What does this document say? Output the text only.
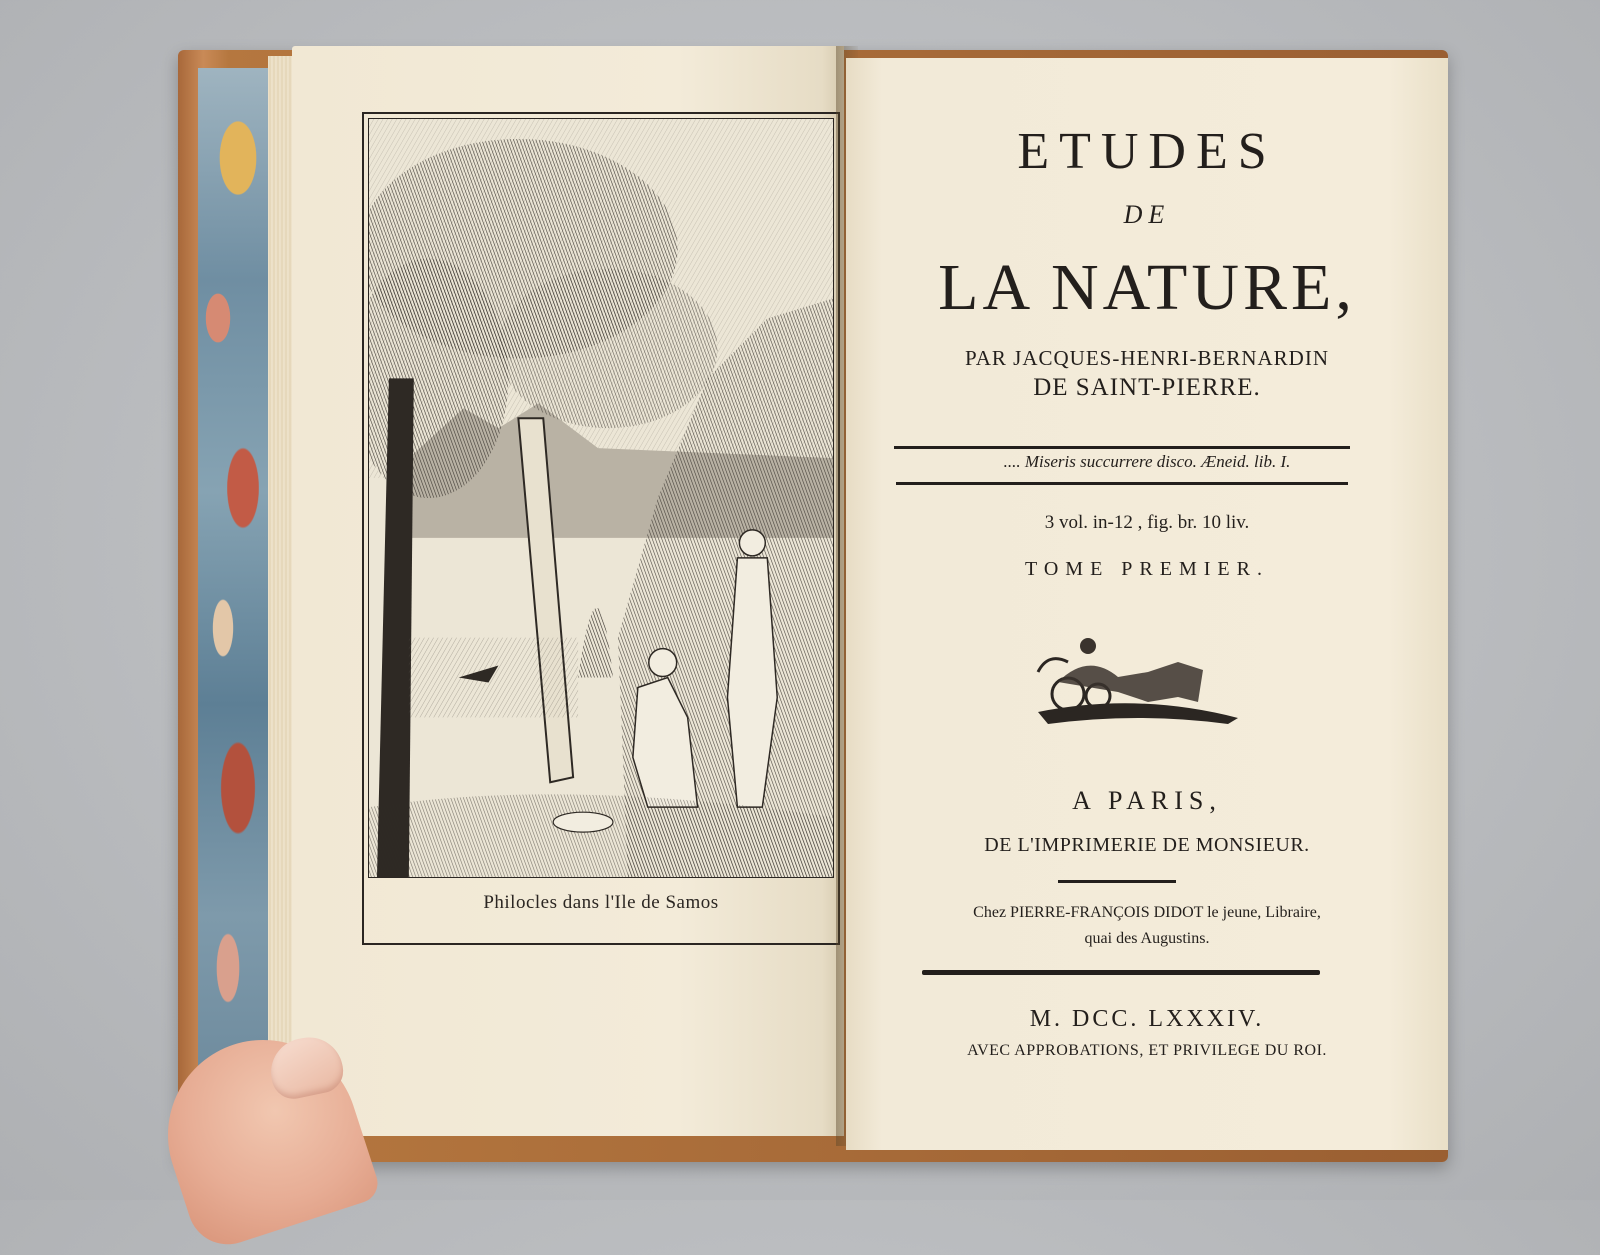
Philocles dans l'Ile de Samos
ETUDES
DE
LA NATURE,
PAR JACQUES-HENRI-BERNARDIN
DE SAINT-PIERRE.
.... Miseris succurrere disco. Æneid. lib. I.
3 vol. in-12 , fig. br. 10 liv.
TOME PREMIER.
A PARIS,
DE L'IMPRIMERIE DE MONSIEUR.
Chez PIERRE-FRANÇOIS DIDOT le jeune, Libraire,
quai des Augustins.
M. DCC. LXXXIV.
AVEC APPROBATIONS, ET PRIVILEGE DU ROI.
